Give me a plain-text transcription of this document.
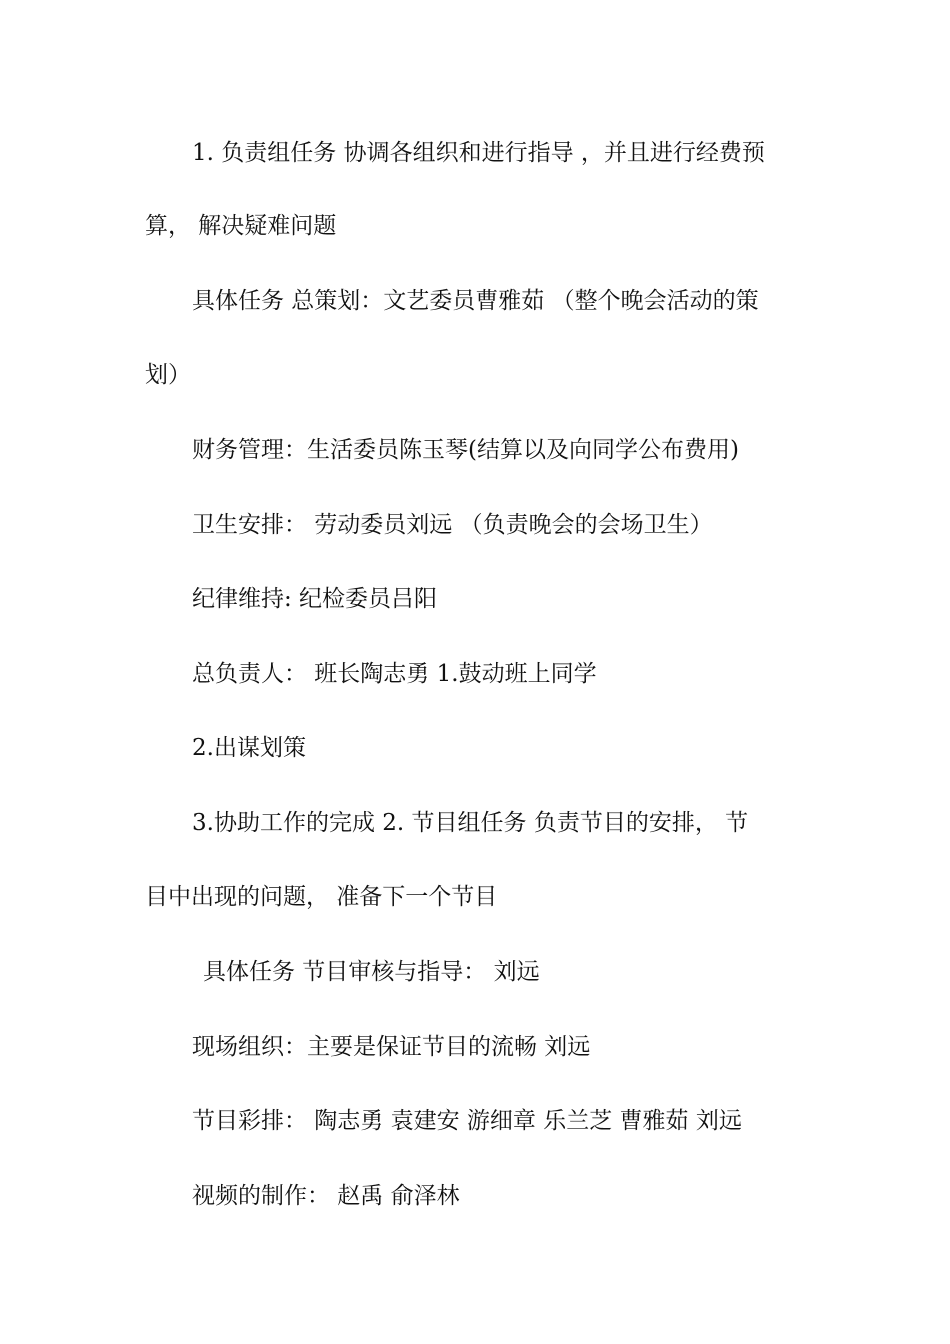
1. 负责组任务 协调各组织和进行指导 ，并且进行经费预
算， 解决疑难问题
具体任务 总策划：文艺委员曹雅茹 （整个晚会活动的策
划）
财务管理：生活委员陈玉琴(结算以及向同学公布费用)
卫生安排： 劳动委员刘远 （负责晚会的会场卫生）
纪律维持: 纪检委员吕阳
总负责人： 班长陶志勇 1.鼓动班上同学
2.出谋划策
3.协助工作的完成 2. 节目组任务 负责节目的安排， 节
目中出现的问题， 准备下一个节目
具体任务 节目审核与指导： 刘远
现场组织：主要是保证节目的流畅 刘远
节目彩排： 陶志勇 袁建安 游细章 乐兰芝 曹雅茹 刘远
视频的制作： 赵禹 俞泽林
